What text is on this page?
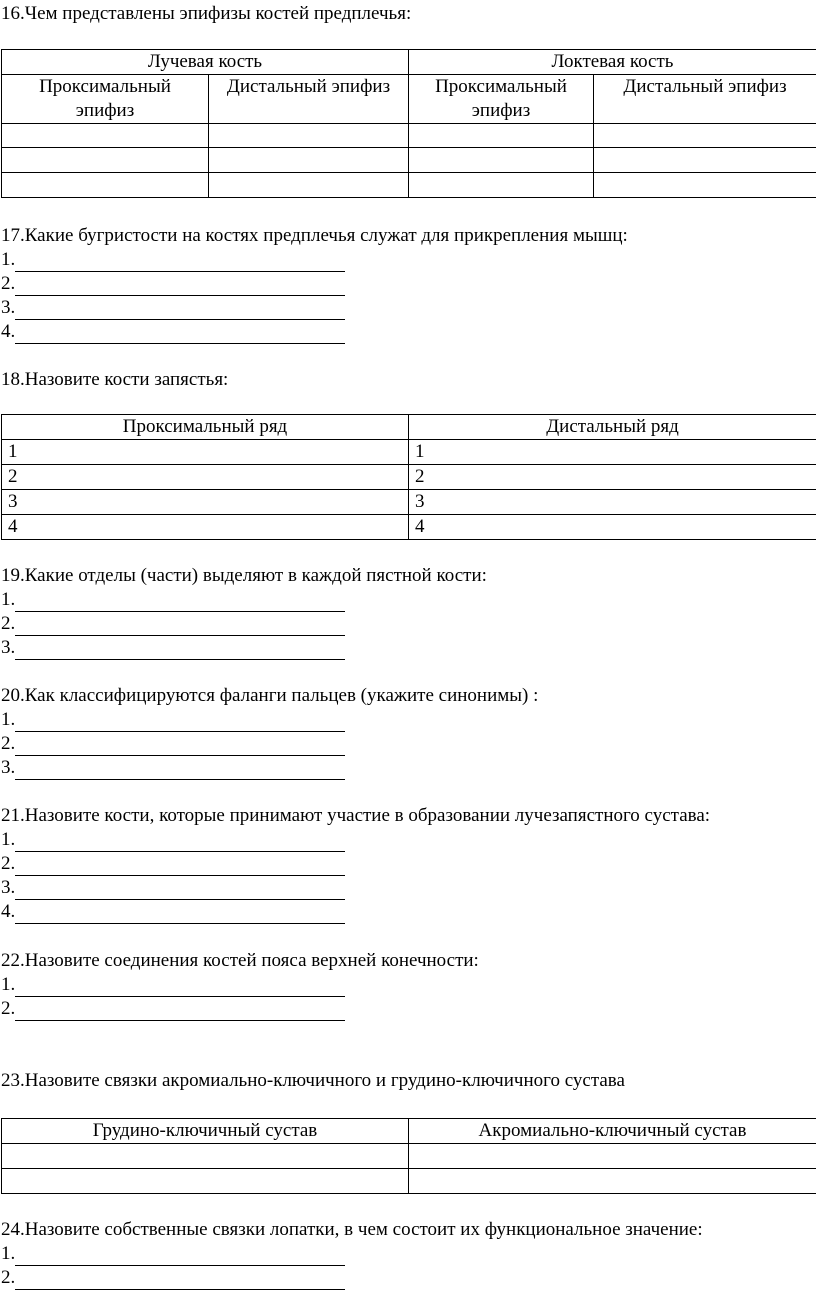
16.Чем представлены эпифизы костей предплечья:
Лучевая кость		Локтевая кость	
Проксимальный эпифиз	Дистальный эпифиз	Проксимальный эпифиз	Дистальный эпифиз

17.Какие бугристости на костях предплечья служат для прикрепления мышц:
1.
2.
3.
4.
18.Назовите кости запястья:
Проксимальный ряд	Дистальный ряд
1	1
2	2
3	3
4	4
19.Какие отделы (части) выделяют в каждой пястной кости:
1.
2.
3.
20.Как классифицируются фаланги пальцев (укажите синонимы) :
1.
2.
3.
21.Назовите кости, которые принимают участие в образовании лучезапястного сустава:
1.
2.
3.
4.
22.Назовите соединения костей пояса верхней конечности:
1.
2.
23.Назовите связки акромиально-ключичного и грудино-ключичного сустава
Грудино-ключичный сустав	Акромиально-ключичный сустав

24.Назовите собственные связки лопатки, в чем состоит их функциональное значение:
1.
2.
